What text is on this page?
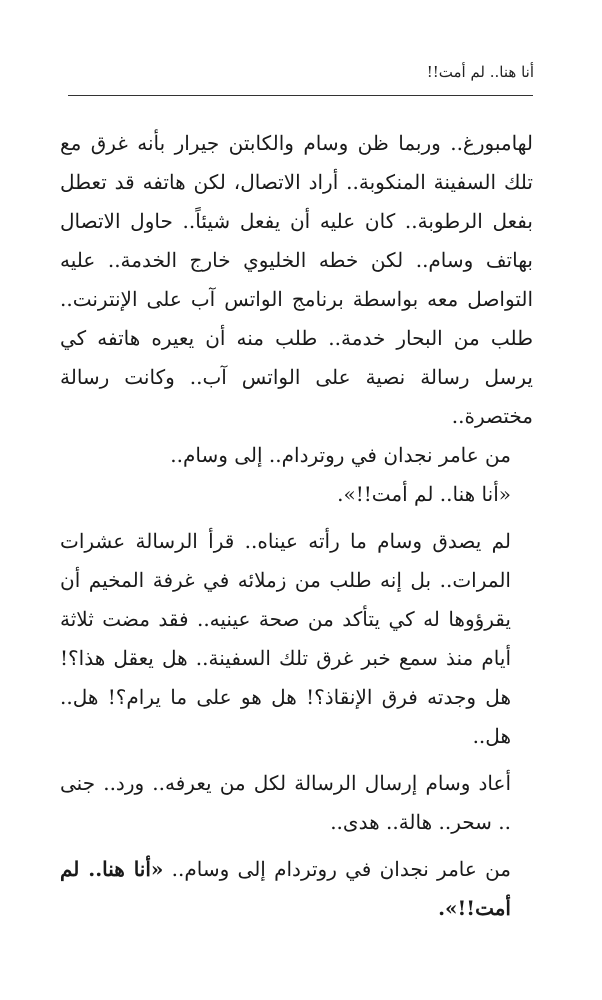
أنا هنا.. لم أمت!!

لهامبورغ.. وربما ظن وسام والكابتن جيرار بأنه غرق مع تلك السفينة المنكوبة.. أراد الاتصال، لكن هاتفه قد تعطل بفعل الرطوبة.. كان عليه أن يفعل شيئاً.. حاول الاتصال بهاتف وسام.. لكن خطه الخليوي خارج الخدمة.. عليه التواصل معه بواسطة برنامج الواتس آب على الإنترنت.. طلب من البحار خدمة.. طلب منه أن يعيره هاتفه كي يرسل رسالة نصية على الواتس آب.. وكانت رسالة مختصرة..

من عامر نجدان في روتردام.. إلى وسام..

«أنا هنا.. لم أمت!!».

لم يصدق وسام ما رأته عيناه.. قرأ الرسالة عشرات المرات.. بل إنه طلب من زملائه في غرفة المخيم أن يقرؤوها له كي يتأكد من صحة عينيه.. فقد مضت ثلاثة أيام منذ سمع خبر غرق تلك السفينة.. هل يعقل هذا؟! هل وجدته فرق الإنقاذ؟! هل هو على ما يرام؟! هل.. هل..

أعاد وسام إرسال الرسالة لكل من يعرفه.. ورد.. جنى .. سحر.. هالة.. هدى..

من عامر نجدان في روتردام إلى وسام.. «أنا هنا.. لم أمت!!».
